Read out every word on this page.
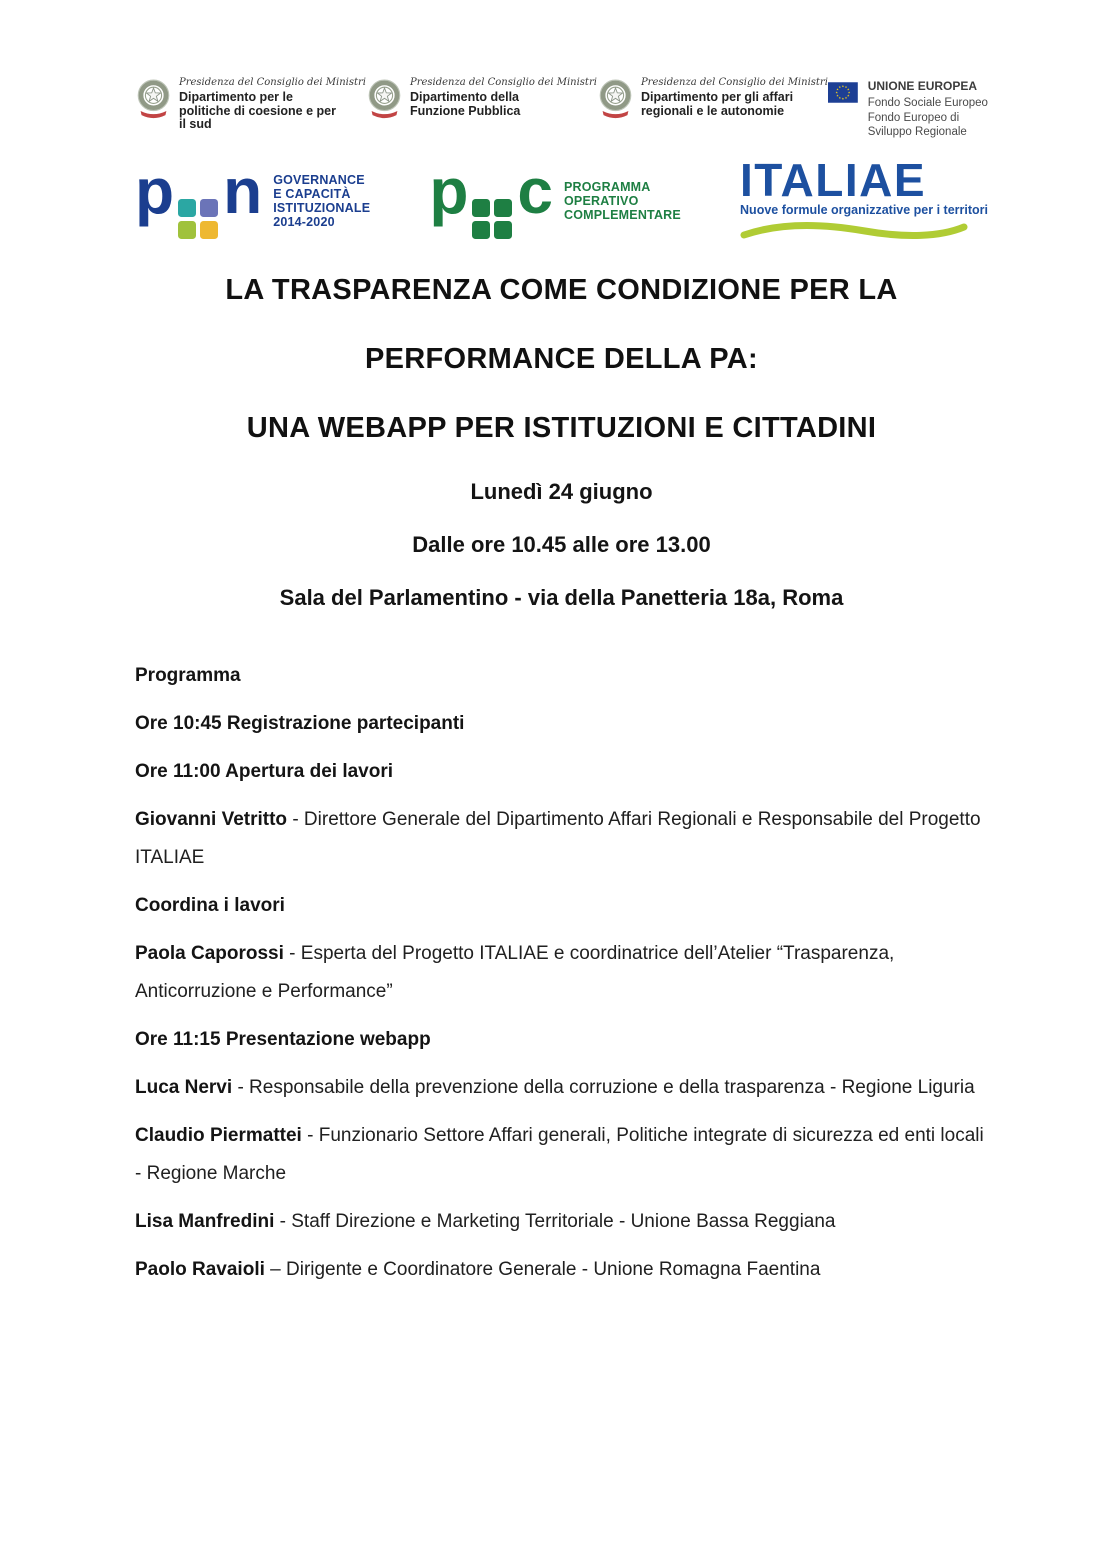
Presidenza del Consiglio dei Ministri
Dipartimento per le
politiche di coesione e per
il sud
Presidenza del Consiglio dei Ministri
Dipartimento della
Funzione Pubblica
Presidenza del Consiglio dei Ministri
Dipartimento per gli affari
regionali e le autonomie
UNIONE EUROPEA
Fondo Sociale Europeo
Fondo Europeo di Sviluppo Regionale
p n GOVERNANCE
E CAPACITÀ
ISTITUZIONALE
2014-2020	p c PROGRAMMA
OPERATIVO
COMPLEMENTARE
ITALIAE
Nuove formule organizzative per i territori
LA TRASPARENZA COME CONDIZIONE PER LA
PERFORMANCE DELLA PA:
UNA WEBAPP PER ISTITUZIONI E CITTADINI

Lunedì 24 giugno

Dalle ore 10.45 alle ore 13.00

Sala del Parlamentino - via della Panetteria 18a, Roma

Programma

Ore 10:45 Registrazione partecipanti

Ore 11:00 Apertura dei lavori

Giovanni Vetritto - Direttore Generale del Dipartimento Affari Regionali e Responsabile del Progetto ITALIAE

Coordina i lavori

Paola Caporossi - Esperta del Progetto ITALIAE e coordinatrice dell’Atelier “Trasparenza, Anticorruzione e Performance”

Ore 11:15 Presentazione webapp

Luca Nervi - Responsabile della prevenzione della corruzione e della trasparenza - Regione Liguria

Claudio Piermattei - Funzionario Settore Affari generali, Politiche integrate di sicurezza ed enti locali - Regione Marche

Lisa Manfredini - Staff Direzione e Marketing Territoriale - Unione Bassa Reggiana

Paolo Ravaioli – Dirigente e Coordinatore Generale - Unione Romagna Faentina
